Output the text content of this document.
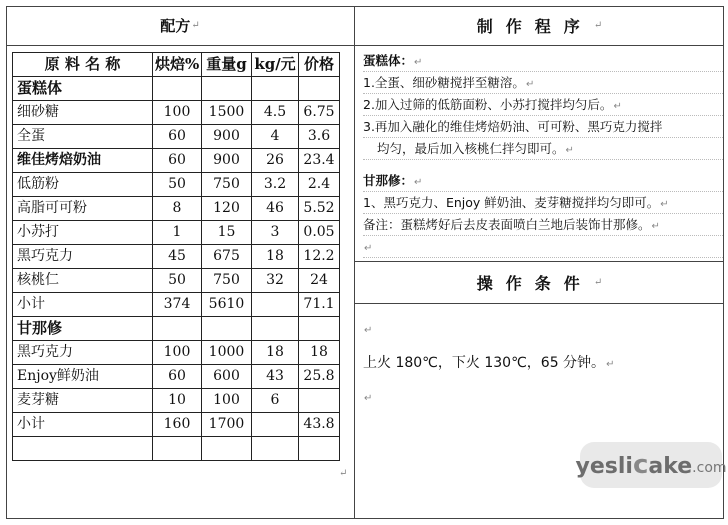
配方 ↵	制作程序 ↵
操作条件 ↵
原 料 名 称	烘焙%	重量g	kg/元	价格
蛋糕体				
细砂糖	100	1500	4.5	6.75
全蛋	60	900	4	3.6
维佳烤焙奶油	60	900	26	23.4
低筋粉	50	750	3.2	2.4
高脂可可粉	8	120	46	5.52
小苏打	1	15	3	0.05
黑巧克力	45	675	18	12.2
核桃仁	50	750	32	24
小计	374	5610		71.1
甘那修				
黑巧克力	100	1000	18	18
Enjoy鲜奶油	60	600	43	25.8
麦芽糖	10	100	6	
小计	160	1700		43.8

↵
蛋糕体：↵
1.全蛋、细砂糖搅拌至糖溶。↵
2.加入过筛的低筋面粉、小苏打搅拌均匀后。↵
3.再加入融化的维佳烤焙奶油、可可粉、黑巧克力搅拌
均匀，最后加入核桃仁拌匀即可。↵
甘那修：↵
1、黑巧克力、Enjoy 鲜奶油、麦芽糖搅拌均匀即可。↵
备注：蛋糕烤好后去皮表面喷白兰地后装饰甘那修。↵
↵
↵
上火 180℃，下火 130℃，65 分钟。↵
↵
yeslicake .com
